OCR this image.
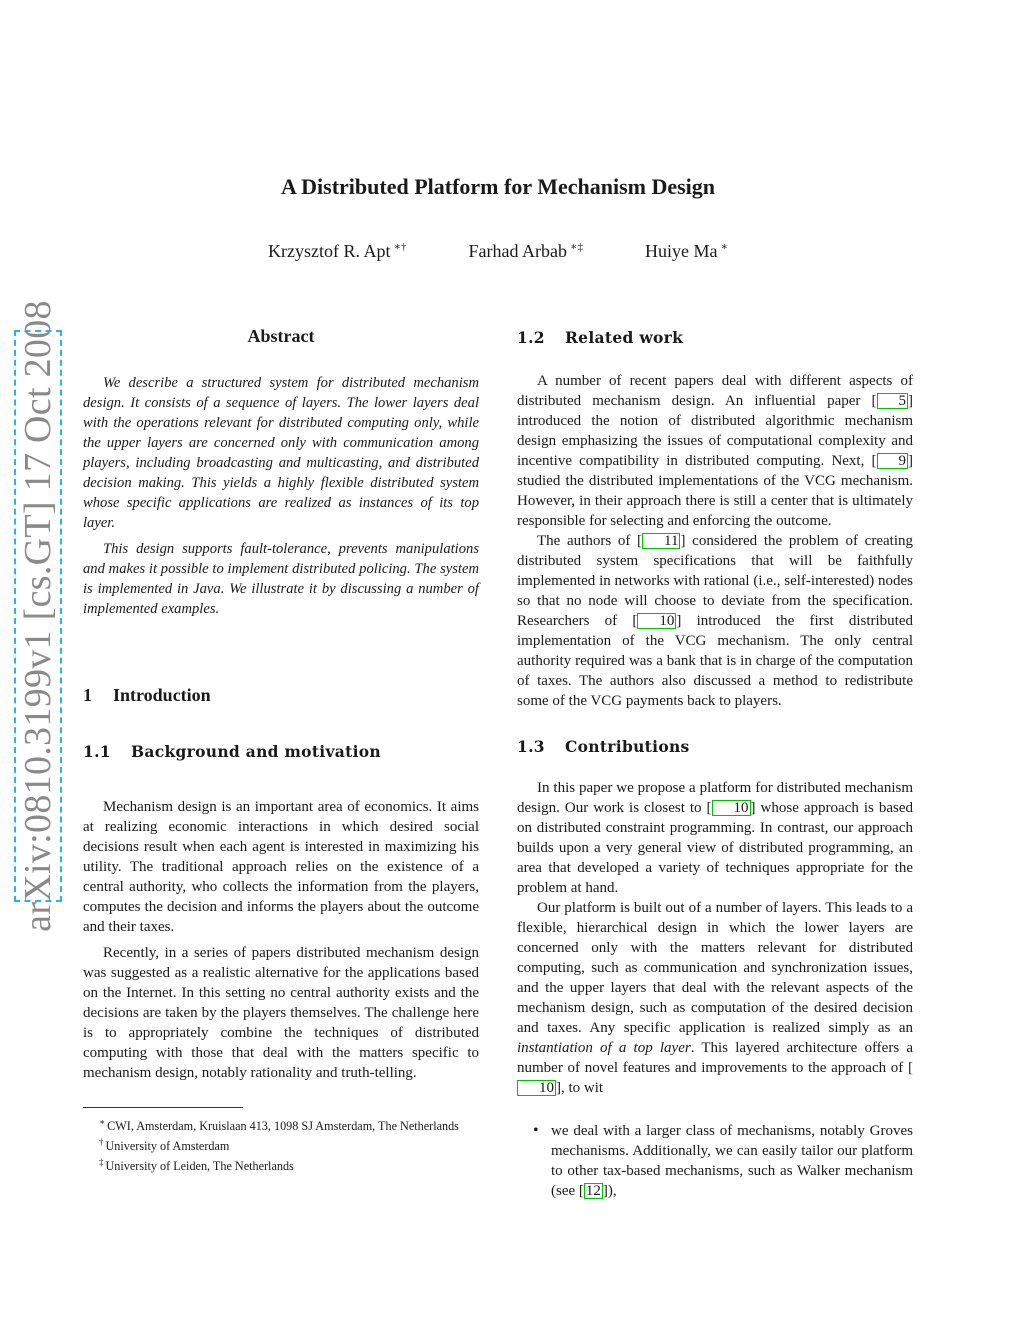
arXiv:0810.3199v1 [cs.GT] 17 Oct 2008
A Distributed Platform for Mechanism Design
Krzysztof R. Apt ∗†	Farhad Arbab ∗‡	Huiye Ma ∗
Abstract

We describe a structured system for distributed mechanism design. It consists of a sequence of layers. The lower layers deal with the operations relevant for distributed computing only, while the upper layers are concerned only with communication among players, including broadcasting and multicasting, and distributed decision making. This yields a highly flexible distributed system whose specific applications are realized as instances of its top layer.

This design supports fault-tolerance, prevents manipulations and makes it possible to implement distributed policing. The system is implemented in Java. We illustrate it by discussing a number of implemented examples.

1 Introduction
1.1 Background and motivation

Mechanism design is an important area of economics. It aims at realizing economic interactions in which desired social decisions result when each agent is interested in maximizing his utility. The traditional approach relies on the existence of a central authority, who collects the information from the players, computes the decision and informs the players about the outcome and their taxes.

Recently, in a series of papers distributed mechanism design was suggested as a realistic alternative for the applications based on the Internet. In this setting no central authority exists and the decisions are taken by the players themselves. The challenge here is to appropriately combine the techniques of distributed computing with those that deal with the matters specific to mechanism design, notably rationality and truth-telling.

∗ CWI, Amsterdam, Kruislaan 413, 1098 SJ Amsterdam, The Netherlands

† University of Amsterdam

‡ University of Leiden, The Netherlands

1.2 Related work

A number of recent papers deal with different aspects of distributed mechanism design. An influential paper [ 5 ] introduced the notion of distributed algorithmic mechanism design emphasizing the issues of computational complexity and incentive compatibility in distributed computing. Next, [ 9 ] studied the distributed implementations of the VCG mechanism. However, in their approach there is still a center that is ultimately responsible for selecting and enforcing the outcome.

The authors of [ 11 ] considered the problem of creating distributed system specifications that will be faithfully implemented in networks with rational (i.e., self-interested) nodes so that no node will choose to deviate from the specification. Researchers of [ 10 ] introduced the first distributed implementation of the VCG mechanism. The only central authority required was a bank that is in charge of the computation of taxes. The authors also discussed a method to redistribute some of the VCG payments back to players.

1.3 Contributions

In this paper we propose a platform for distributed mechanism design. Our work is closest to [ 10 ] whose approach is based on distributed constraint programming. In contrast, our approach builds upon a very general view of distributed programming, an area that developed a variety of techniques appropriate for the problem at hand.

Our platform is built out of a number of layers. This leads to a flexible, hierarchical design in which the lower layers are concerned only with the matters relevant for distributed computing, such as communication and synchronization issues, and the upper layers that deal with the relevant aspects of the mechanism design, such as computation of the desired decision and taxes. Any specific application is realized simply as an instantiation of a top layer. This layered architecture offers a number of novel features and improvements to the approach of [10 ], to wit

• we deal with a larger class of mechanisms, notably Groves mechanisms. Additionally, we can easily tailor our platform to other tax-based mechanisms, such as Walker mechanism (see [ 12 ]),
